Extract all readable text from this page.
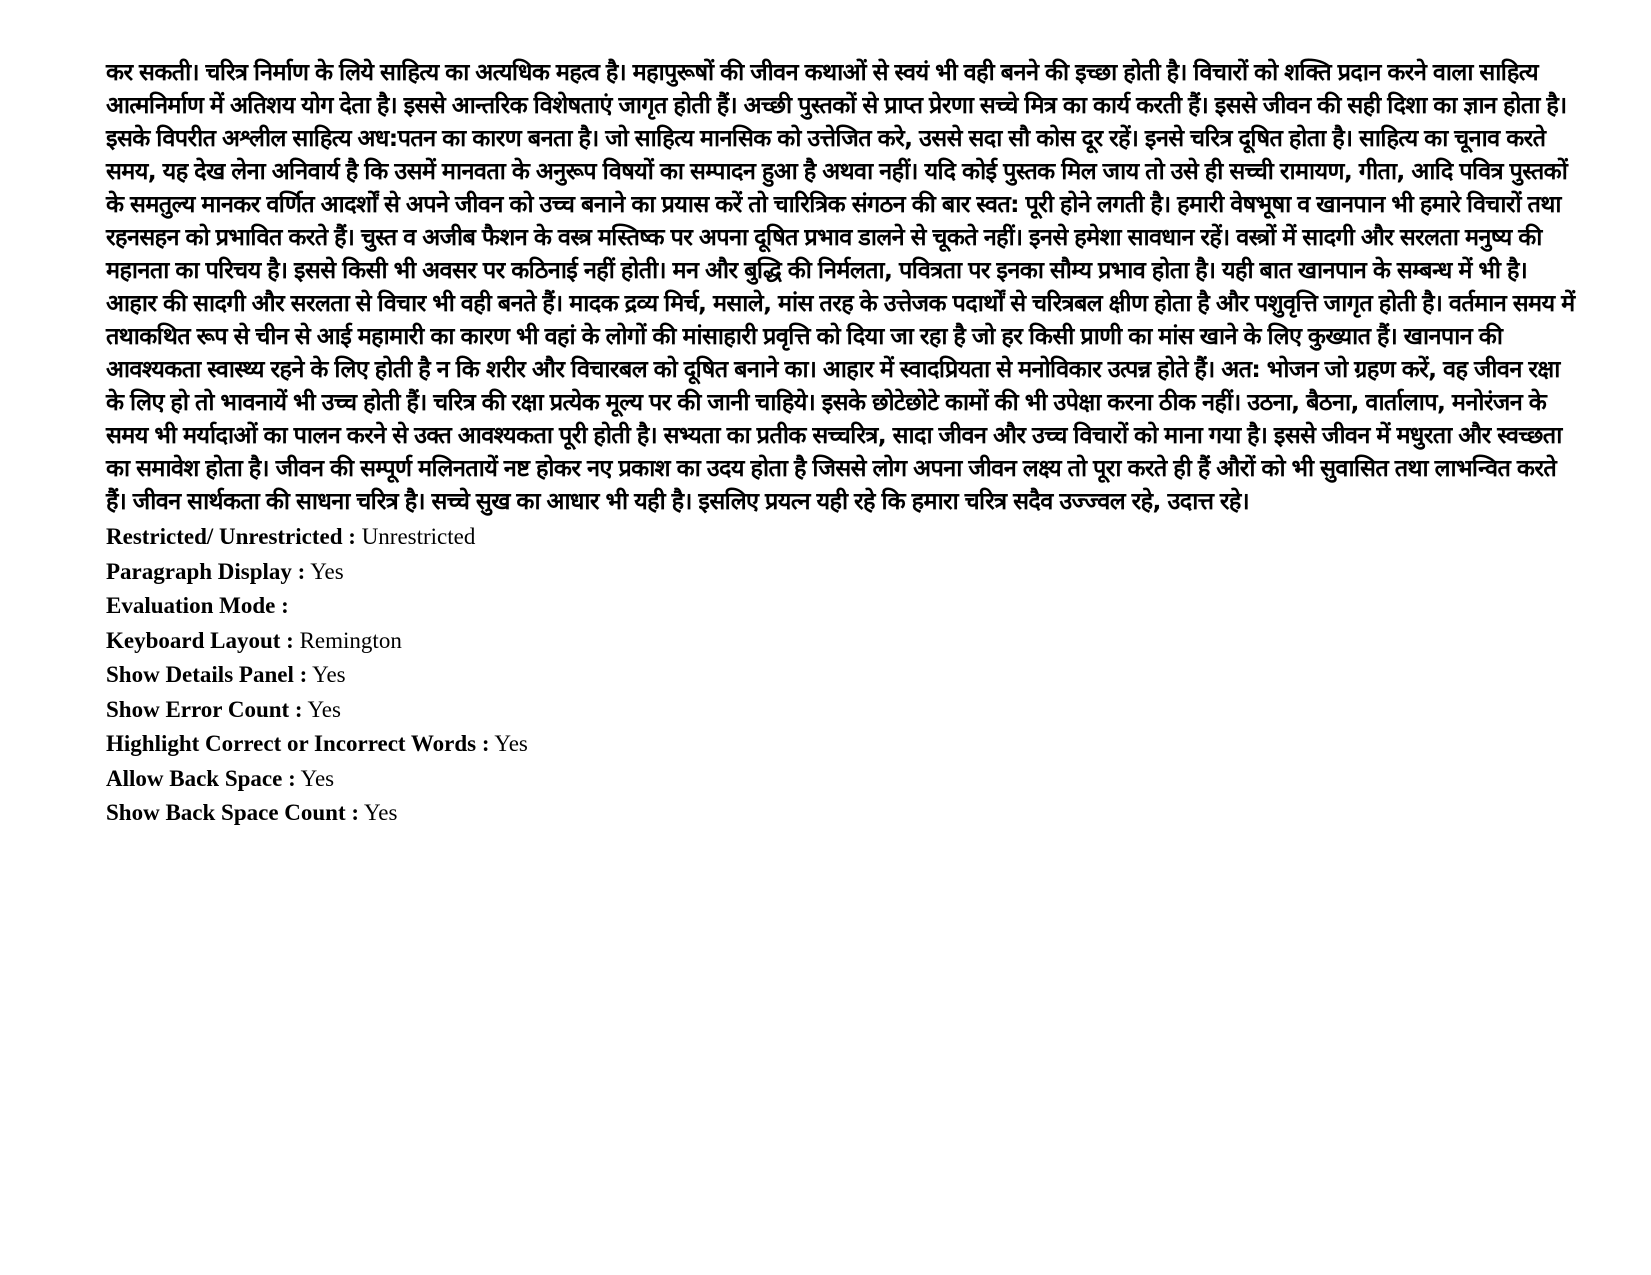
कर सकती। चरित्र निर्माण के लिये साहित्य का अत्यधिक महत्व है। महापुरूषों की जीवन कथाओं से स्वयं भी वही बनने की इच्छा होती है। विचारों को शक्ति प्रदान करने वाला साहित्य आत्मनिर्माण में अतिशय योग देता है। इससे आन्तरिक विशेषताएं जागृत होती हैं। अच्छी पुस्तकों से प्राप्त प्रेरणा सच्चे मित्र का कार्य करती हैं। इससे जीवन की सही दिशा का ज्ञान होता है। इसके विपरीत अश्लील साहित्य अध:पतन का कारण बनता है। जो साहित्य मानसिक को उत्तेजित करे, उससे सदा सौ कोस दूर रहें। इनसे चरित्र दूषित होता है। साहित्य का चूनाव करते समय, यह देख लेना अनिवार्य है कि उसमें मानवता के अनुरूप विषयों का सम्पादन हुआ है अथवा नहीं। यदि कोई पुस्तक मिल जाय तो उसे ही सच्ची रामायण, गीता, आदि पवित्र पुस्तकों के समतुल्य मानकर वर्णित आदर्शों से अपने जीवन को उच्च बनाने का प्रयास करें तो चारित्रिक संगठन की बार स्वत: पूरी होने लगती है। हमारी वेषभूषा व खानपान भी हमारे विचारों तथा रहनसहन को प्रभावित करते हैं। चुस्त व अजीब फैशन के वस्त्र मस्तिष्क पर अपना दूषित प्रभाव डालने से चूकते नहीं। इनसे हमेशा सावधान रहें। वस्त्रों में सादगी और सरलता मनुष्य की महानता का परिचय है। इससे किसी भी अवसर पर कठिनाई नहीं होती। मन और बुद्धि की निर्मलता, पवित्रता पर इनका सौम्य प्रभाव होता है। यही बात खानपान के सम्बन्ध में भी है। आहार की सादगी और सरलता से विचार भी वही बनते हैं। मादक द्रव्य मिर्च, मसाले, मांस तरह के उत्तेजक पदार्थों से चरित्रबल क्षीण होता है और पशुवृत्ति जागृत होती है। वर्तमान समय में तथाकथित रूप से चीन से आई महामारी का कारण भी वहां के लोगों की मांसाहारी प्रवृत्ति को दिया जा रहा है जो हर किसी प्राणी का मांस खाने के लिए कुख्यात हैं। खानपान की आवश्यकता स्वास्थ्य रहने के लिए होती है न कि शरीर और विचारबल को दूषित बनाने का। आहार में स्वादप्रियता से मनोविकार उत्पन्न होते हैं। अत: भोजन जो ग्रहण करें, वह जीवन रक्षा के लिए हो तो भावनायें भी उच्च होती हैं। चरित्र की रक्षा प्रत्येक मूल्य पर की जानी चाहिये। इसके छोटेछोटे कामों की भी उपेक्षा करना ठीक नहीं। उठना, बैठना, वार्तालाप, मनोरंजन के समय भी मर्यादाओं का पालन करने से उक्त आवश्यकता पूरी होती है। सभ्यता का प्रतीक सच्चरित्र, सादा जीवन और उच्च विचारों को माना गया है। इससे जीवन में मधुरता और स्वच्छता का समावेश होता है। जीवन की सम्पूर्ण मलिनतायें नष्ट होकर नए प्रकाश का उदय होता है जिससे लोग अपना जीवन लक्ष्य तो पूरा करते ही हैं औरों को भी सुवासित तथा लाभन्वित करते हैं। जीवन सार्थकता की साधना चरित्र है। सच्चे सुख का आधार भी यही है। इसलिए प्रयत्न यही रहे कि हमारा चरित्र सदैव उज्ज्वल रहे, उदात्त रहे।

Restricted/ Unrestricted : Unrestricted
Paragraph Display : Yes
Evaluation Mode :
Keyboard Layout : Remington
Show Details Panel : Yes
Show Error Count : Yes
Highlight Correct or Incorrect Words : Yes
Allow Back Space : Yes
Show Back Space Count : Yes
